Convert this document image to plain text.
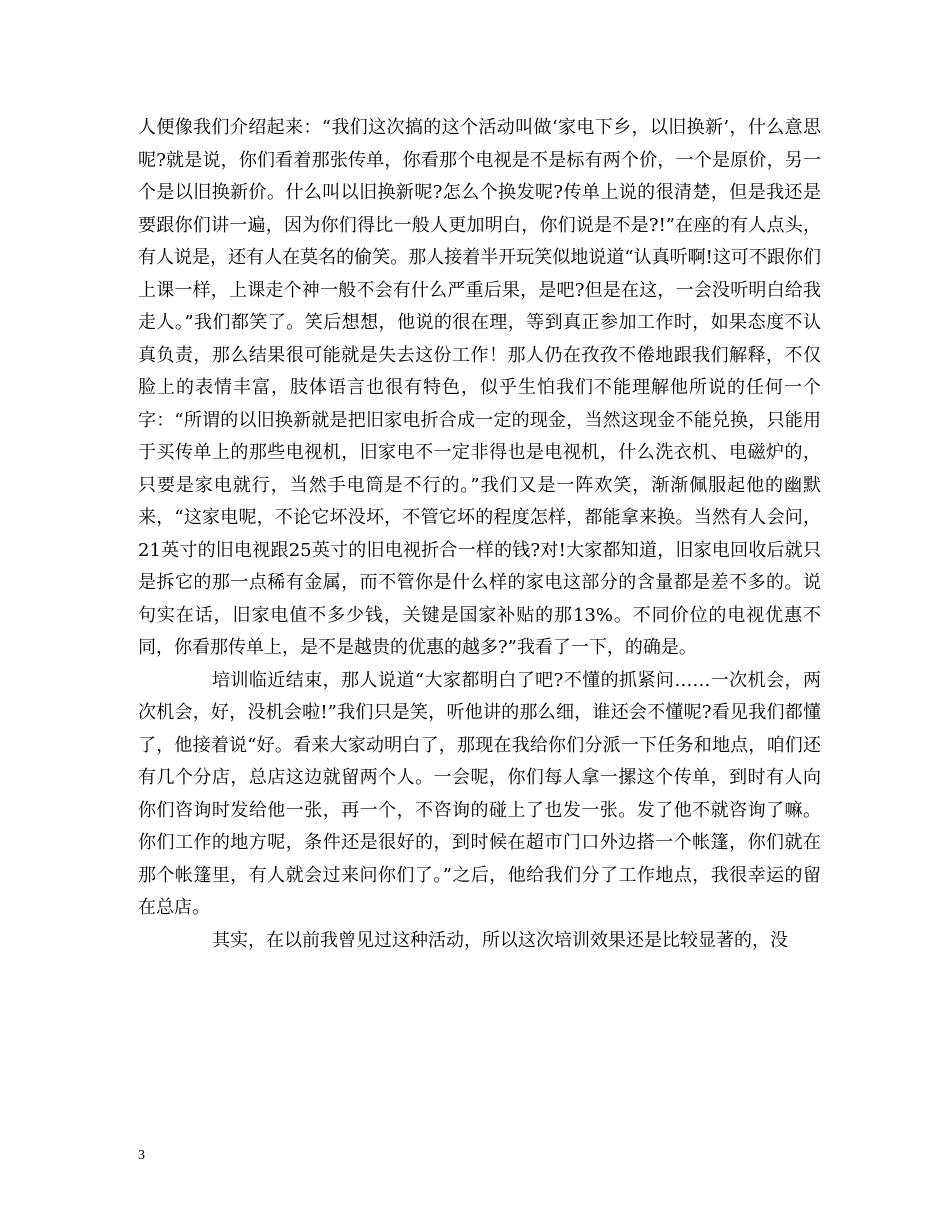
人便像我们介绍起来：“我们这次搞的这个活动叫做‘家电下乡，以旧换新’，什么意思呢?就是说，你们看着那张传单，你看那个电视是不是标有两个价，一个是原价，另一个是以旧换新价。什么叫以旧换新呢?怎么个换发呢?传单上说的很清楚，但是我还是要跟你们讲一遍，因为你们得比一般人更加明白，你们说是不是?!”在座的有人点头，有人说是，还有人在莫名的偷笑。那人接着半开玩笑似地说道“认真听啊!这可不跟你们上课一样，上课走个神一般不会有什么严重后果，是吧?但是在这，一会没听明白给我走人。”我们都笑了。笑后想想，他说的很在理，等到真正参加工作时，如果态度不认真负责，那么结果很可能就是失去这份工作！那人仍在孜孜不倦地跟我们解释，不仅脸上的表情丰富，肢体语言也很有特色，似乎生怕我们不能理解他所说的任何一个字：“所谓的以旧换新就是把旧家电折合成一定的现金，当然这现金不能兑换，只能用于买传单上的那些电视机，旧家电不一定非得也是电视机，什么洗衣机、电磁炉的，只要是家电就行，当然手电筒是不行的。”我们又是一阵欢笑，渐渐佩服起他的幽默来，“这家电呢，不论它坏没坏，不管它坏的程度怎样，都能拿来换。当然有人会问，21英寸的旧电视跟25英寸的旧电视折合一样的钱?对!大家都知道，旧家电回收后就只是拆它的那一点稀有金属，而不管你是什么样的家电这部分的含量都是差不多的。说句实在话，旧家电值不多少钱，关键是国家补贴的那13%。不同价位的电视优惠不同，你看那传单上，是不是越贵的优惠的越多?”我看了一下，的确是。

培训临近结束，那人说道“大家都明白了吧?不懂的抓紧问……一次机会，两次机会，好，没机会啦!”我们只是笑，听他讲的那么细，谁还会不懂呢?看见我们都懂了，他接着说“好。看来大家动明白了，那现在我给你们分派一下任务和地点，咱们还有几个分店，总店这边就留两个人。一会呢，你们每人拿一摞这个传单，到时有人向你们咨询时发给他一张，再一个，不咨询的碰上了也发一张。发了他不就咨询了嘛。你们工作的地方呢，条件还是很好的，到时候在超市门口外边搭一个帐篷，你们就在那个帐篷里，有人就会过来问你们了。”之后，他给我们分了工作地点，我很幸运的留在总店。

其实，在以前我曾见过这种活动，所以这次培训效果还是比较显著的，没

3
